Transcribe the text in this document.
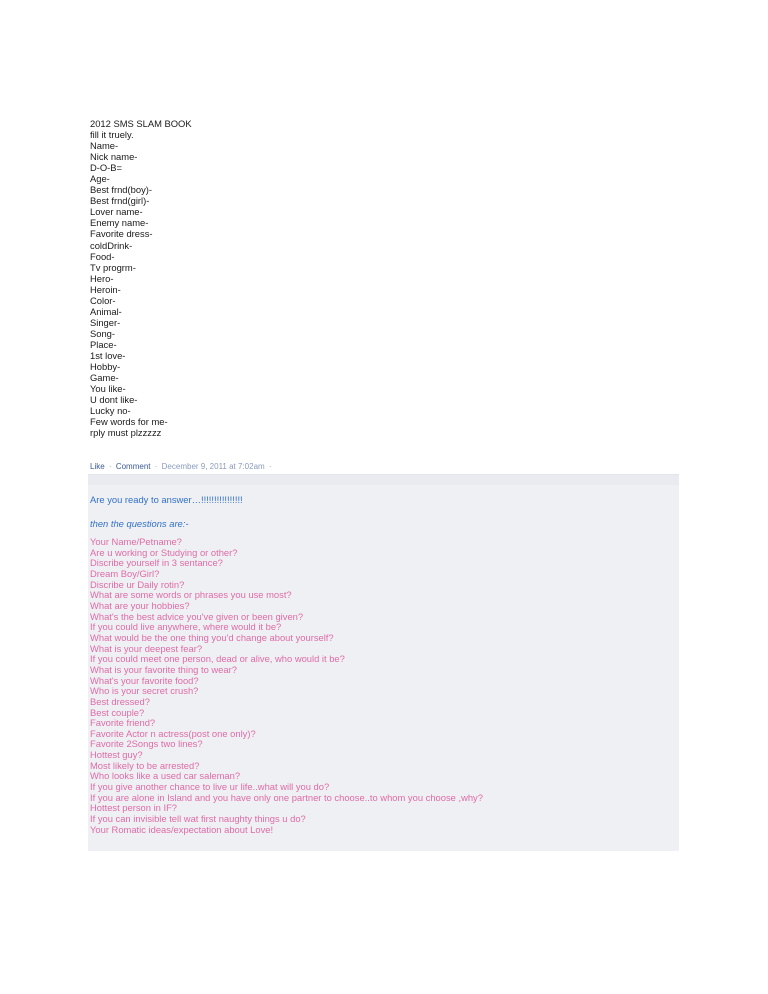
2012 SMS SLAM BOOK
fill it truely.
Name-
Nick name-
D-O-B=
Age-
Best frnd(boy)-
Best frnd(girl)-
Lover name-
Enemy name-
Favorite dress-
coldDrink-
Food-
Tv progrm-
Hero-
Heroin-
Color-
Animal-
Singer-
Song-
Place-
1st love-
Hobby-
Game-
You like-
U dont like-
Lucky no-
Few words for me-
rply must plzzzzz
Like · Comment · December 9, 2011 at 7:02am ·
Are you ready to answer…!!!!!!!!!!!!!!!!
then the questions are:-
Your Name/Petname?
Are u working or Studying or other?
Discribe yourself in 3 sentance?
Dream Boy/Girl?
Discribe ur Daily rotin?
What are some words or phrases you use most?
What are your hobbies?
What's the best advice you've given or been given?
If you could live anywhere, where would it be?
What would be the one thing you'd change about yourself?
What is your deepest fear?
If you could meet one person, dead or alive, who would it be?
What is your favorite thing to wear?
What's your favorite food?
Who is your secret crush?
Best dressed?
Best couple?
Favorite friend?
Favorite Actor n actress(post one only)?
Favorite 2Songs two lines?
Hottest guy?
Most likely to be arrested?
Who looks like a used car saleman?
If you give another chance to live ur life..what will you do?
If you are alone in Island and you have only one partner to choose..to whom you choose ,why?
Hottest person in IF?
If you can invisible tell wat first naughty things u do?
Your Romatic ideas/expectation about Love!
